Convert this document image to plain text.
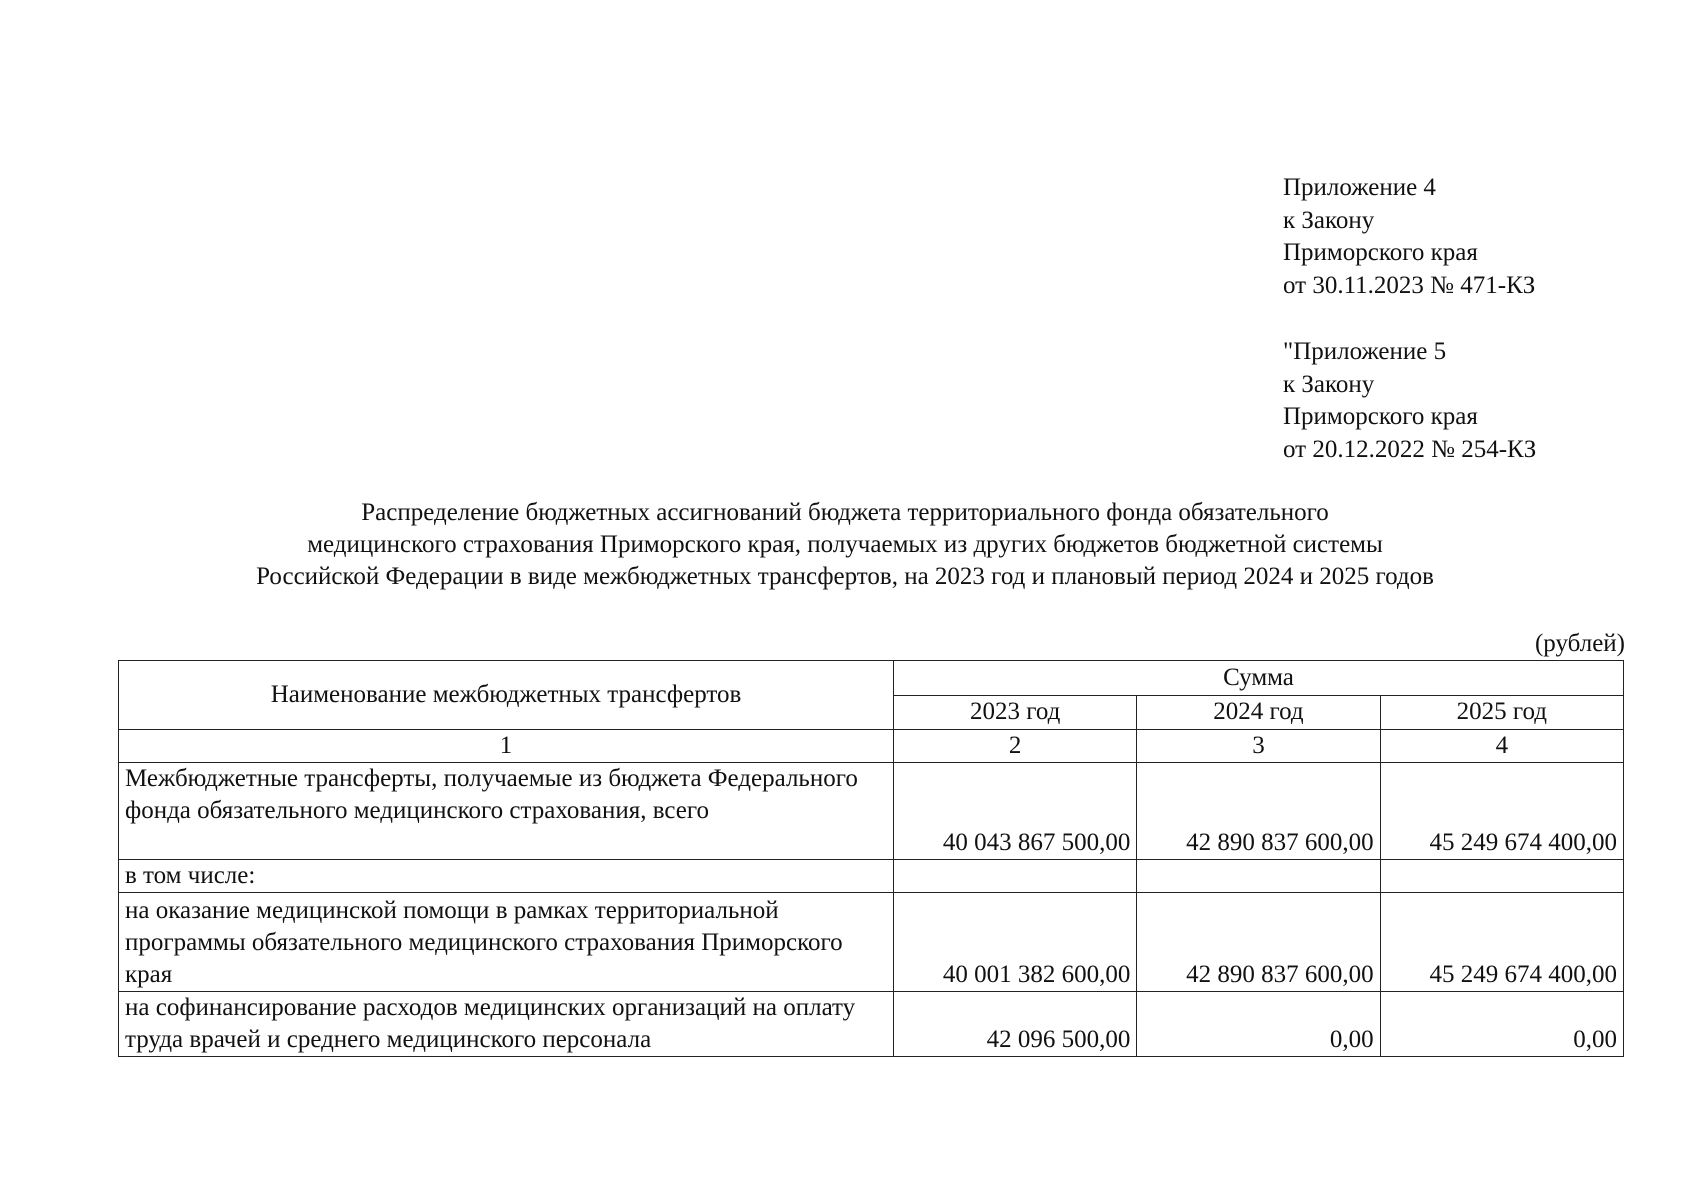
Приложение 4
к Закону
Приморского края
от 30.11.2023 № 471-КЗ
"Приложение 5
к Закону
Приморского края
от 20.12.2022 № 254-КЗ
Распределение бюджетных ассигнований бюджета территориального фонда обязательного
медицинского страхования Приморского края, получаемых из других бюджетов бюджетной системы
Российской Федерации в виде межбюджетных трансфертов, на 2023 год и плановый период 2024 и 2025 годов
(рублей)
Наименование межбюджетных трансфертов	Сумма		
	2023 год	2024 год	2025 год
1	2	3	4
Межбюджетные трансферты, получаемые из бюджета Федерального фонда обязательного медицинского страхования, всего	40 043 867 500,00	42 890 837 600,00	45 249 674 400,00
в том числе:			
на оказание медицинской помощи в рамках территориальной программы обязательного медицинского страхования Приморского края	40 001 382 600,00	42 890 837 600,00	45 249 674 400,00
на софинансирование расходов медицинских организаций на оплату труда врачей и среднего медицинского персонала	42 096 500,00	0,00	0,00
